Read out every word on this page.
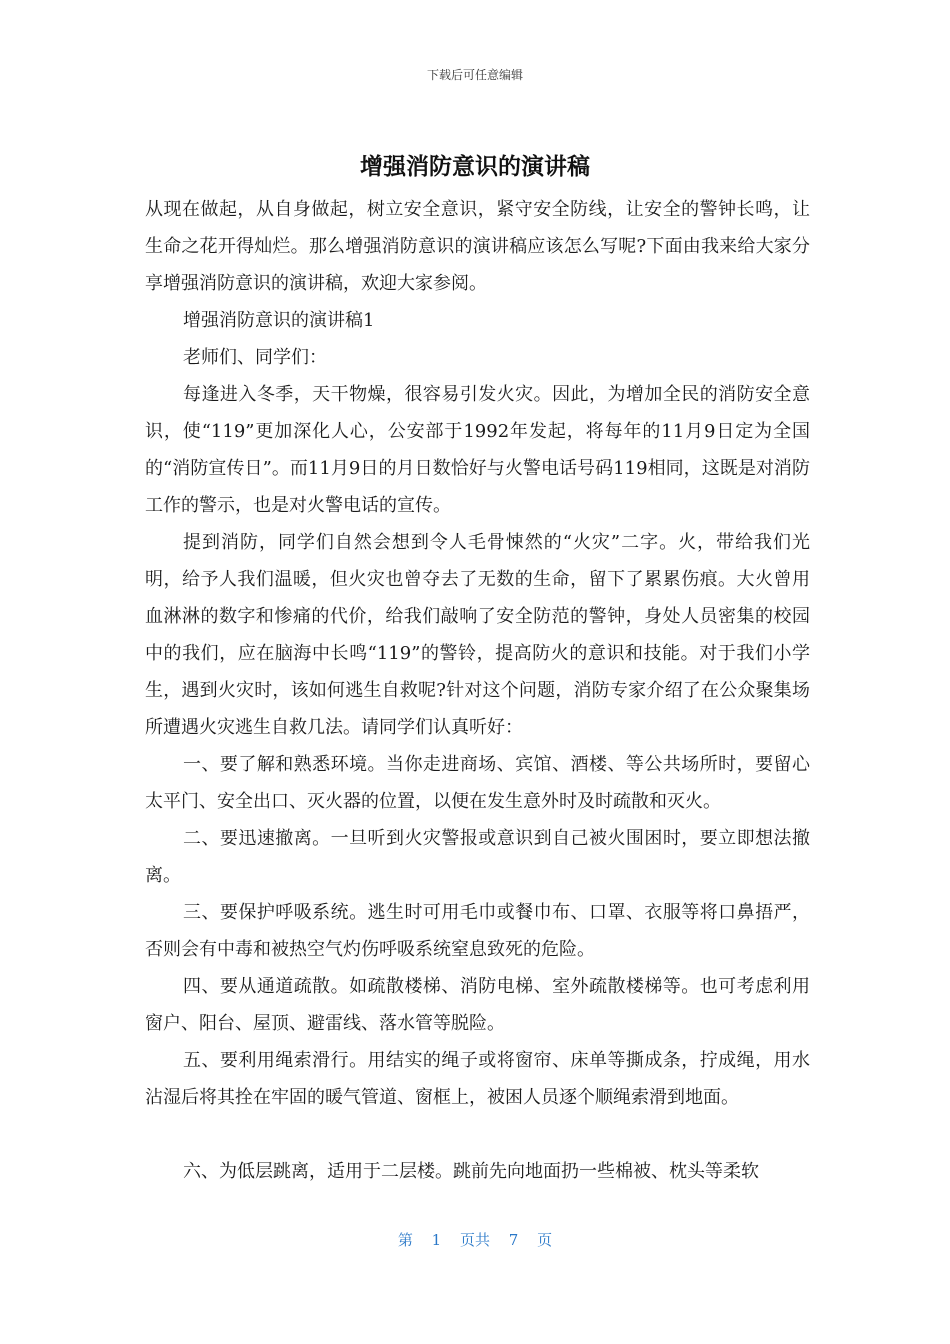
下载后可任意编辑
增强消防意识的演讲稿

从现在做起，从自身做起，树立安全意识，紧守安全防线，让安全的警钟长鸣，让生命之花开得灿烂。那么增强消防意识的演讲稿应该怎么写呢?下面由我来给大家分享增强消防意识的演讲稿，欢迎大家参阅。

增强消防意识的演讲稿1

老师们、同学们：

每逢进入冬季，天干物燥，很容易引发火灾。因此，为增加全民的消防安全意识，使“119”更加深化人心，公安部于1992年发起，将每年的11月9日定为全国的“消防宣传日”。而11月9日的月日数恰好与火警电话号码119相同，这既是对消防工作的警示，也是对火警电话的宣传。

提到消防，同学们自然会想到令人毛骨悚然的“火灾”二字。火，带给我们光明，给予人我们温暖，但火灾也曾夺去了无数的生命，留下了累累伤痕。大火曾用血淋淋的数字和惨痛的代价，给我们敲响了安全防范的警钟，身处人员密集的校园中的我们，应在脑海中长鸣“119”的警铃，提高防火的意识和技能。对于我们小学生，遇到火灾时，该如何逃生自救呢?针对这个问题，消防专家介绍了在公众聚集场所遭遇火灾逃生自救几法。请同学们认真听好：

一、要了解和熟悉环境。当你走进商场、宾馆、酒楼、等公共场所时，要留心太平门、安全出口、灭火器的位置，以便在发生意外时及时疏散和灭火。

二、要迅速撤离。一旦听到火灾警报或意识到自己被火围困时，要立即想法撤离。

三、要保护呼吸系统。逃生时可用毛巾或餐巾布、口罩、衣服等将口鼻捂严，否则会有中毒和被热空气灼伤呼吸系统窒息致死的危险。

四、要从通道疏散。如疏散楼梯、消防电梯、室外疏散楼梯等。也可考虑利用窗户、阳台、屋顶、避雷线、落水管等脱险。

五、要利用绳索滑行。用结实的绳子或将窗帘、床单等撕成条，拧成绳，用水沾湿后将其拴在牢固的暖气管道、窗框上，被困人员逐个顺绳索滑到地面。

六、为低层跳离，适用于二层楼。跳前先向地面扔一些棉被、枕头等柔软

第 1 页共 7 页
